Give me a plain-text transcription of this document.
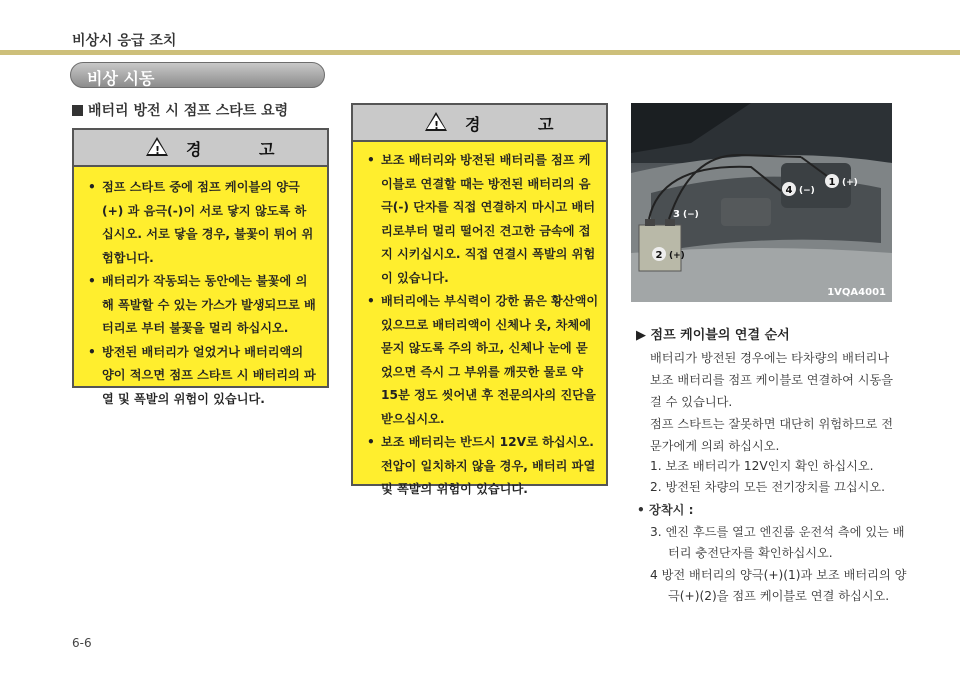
비상시 응급 조치
비상 시동
배터리 방전 시 점프 스타트 요령
! 경 고
• 점프 스타트 중에 점프 케이블의 양극(+) 과 음극(-)이 서로 닿지 않도록 하십시오. 서로 닿을 경우, 불꽃이 튀어 위험합니다.
• 배터리가 작동되는 동안에는 불꽃에 의해 폭발할 수 있는 가스가 발생되므로 배터리로 부터 불꽃을 멀리 하십시오.
• 방전된 배터리가 얼었거나 배터리액의 양이 적으면 점프 스타트 시 배터리의 파열 및 폭발의 위험이 있습니다.
! 경 고
• 보조 배터리와 방전된 배터리를 점프 케이블로 연결할 때는 방전된 배터리의 음극(-) 단자를 직접 연결하지 마시고 배터리로부터 멀리 떨어진 견고한 금속에 접지 시키십시오. 직접 연결시 폭발의 위험이 있습니다.
• 배터리에는 부식력이 강한 묽은 황산액이 있으므로 배터리액이 신체나 옷, 차체에 묻지 않도록 주의 하고, 신체나 눈에 묻었으면 즉시 그 부위를 깨끗한 물로 약 15분 정도 씻어낸 후 전문의사의 진단을 받으십시오.
• 보조 배터리는 반드시 12V로 하십시오. 전압이 일치하지 않을 경우, 배터리 파열 및 폭발의 위험이 있습니다.
1 (+)
4 (−)
3 (−)
2 (+)
1VQA4001
▶ 점프 케이블의 연결 순서
배터리가 방전된 경우에는 타차량의 배터리나 보조 배터리를 점프 케이블로 연결하여 시동을 걸 수 있습니다.
점프 스타트는 잘못하면 대단히 위험하므로 전문가에게 의뢰 하십시오.
1. 보조 배터리가 12V인지 확인 하십시오.
2. 방전된 차량의 모든 전기장치를 끄십시오.
• 장착시 :
3. 엔진 후드를 열고 엔진룸 운전석 측에 있는 배터리 충전단자를 확인하십시오.
4 방전 배터리의 양극(+)(1)과 보조 배터리의 양극(+)(2)을 점프 케이블로 연결 하십시오.
6-6
